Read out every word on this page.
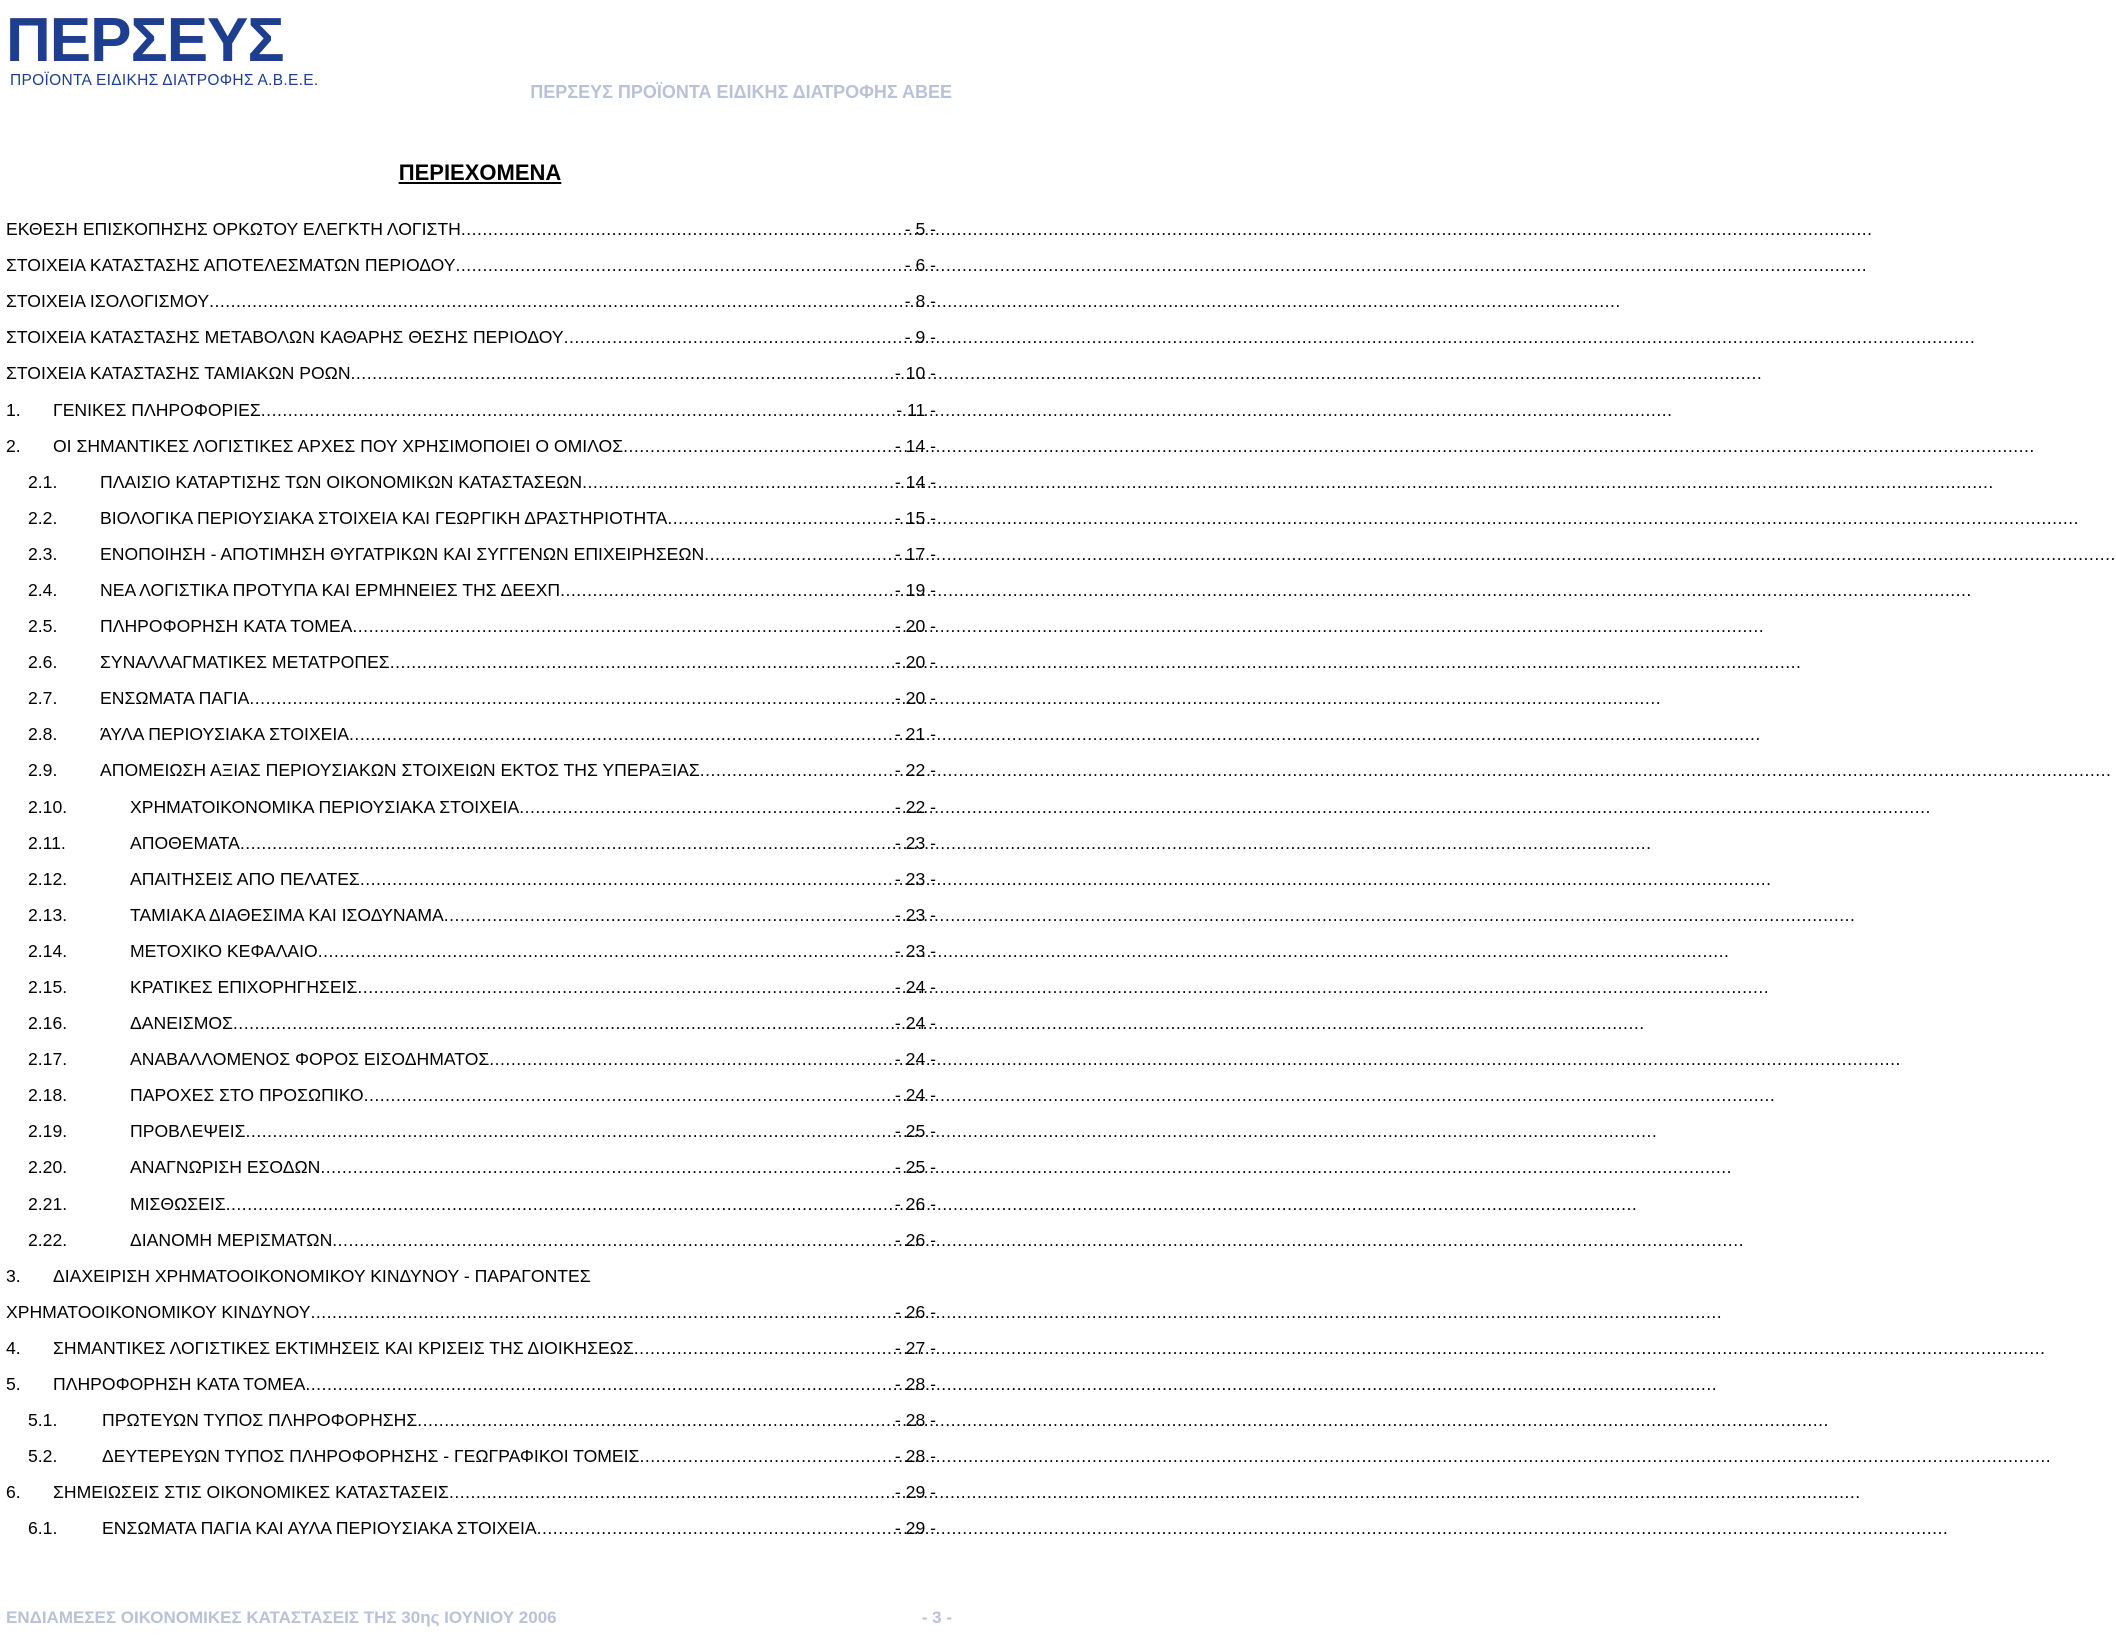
ΠΕΡΣΕΥΣ
ΠΡΟΪΟΝΤΑ ΕΙΔΙΚΗΣ ΔΙΑΤΡΟΦΗΣ Α.Β.Ε.Ε.
ΠΕΡΣΕΥΣ ΠΡΟΪΟΝΤΑ ΕΙΔΙΚΗΣ ΔΙΑΤΡΟΦΗΣ ΑΒΕΕ
ΠΕΡΙΕΧΟΜΕΝΑ
ΕΚΘΕΣΗ ΕΠΙΣΚΟΠΗΣΗΣ ΟΡΚΩΤΟΥ ΕΛΕΓΚΤΗ ΛΟΓΙΣΤΗ .....	- 5 -
ΣΤΟΙΧΕΙΑ ΚΑΤΑΣΤΑΣΗΣ ΑΠΟΤΕΛΕΣΜΑΤΩΝ ΠΕΡΙΟΔΟΥ .....	- 6 -
ΣΤΟΙΧΕΙΑ ΙΣΟΛΟΓΙΣΜΟΥ .....	- 8 -
ΣΤΟΙΧΕΙΑ ΚΑΤΑΣΤΑΣΗΣ ΜΕΤΑΒΟΛΩΝ ΚΑΘΑΡΗΣ ΘΕΣΗΣ ΠΕΡΙΟΔΟΥ .....	- 9 -
ΣΤΟΙΧΕΙΑ ΚΑΤΑΣΤΑΣΗΣ ΤΑΜΙΑΚΩΝ ΡΟΩΝ .....	- 10 -
1.	ΓΕΝΙΚΕΣ ΠΛΗΡΟΦΟΡΙΕΣ .....	- 11 -
2.	ΟΙ ΣΗΜΑΝΤΙΚΕΣ ΛΟΓΙΣΤΙΚΕΣ ΑΡΧΕΣ ΠΟΥ ΧΡΗΣΙΜΟΠΟΙΕΙ Ο ΟΜΙΛΟΣ .....	- 14 -
2.1.	ΠΛΑΙΣΙΟ ΚΑΤΑΡΤΙΣΗΣ ΤΩΝ ΟΙΚΟΝΟΜΙΚΩΝ ΚΑΤΑΣΤΑΣΕΩΝ .....	- 14 -
2.2.	ΒΙΟΛΟΓΙΚΑ ΠΕΡΙΟΥΣΙΑΚΑ ΣΤΟΙΧΕΙΑ ΚΑΙ ΓΕΩΡΓΙΚΗ ΔΡΑΣΤΗΡΙΟΤΗΤΑ .....	- 15 -
2.3.	ΕΝΟΠΟΙΗΣΗ - ΑΠΟΤΙΜΗΣΗ ΘΥΓΑΤΡΙΚΩΝ ΚΑΙ ΣΥΓΓΕΝΩΝ ΕΠΙΧΕΙΡΗΣΕΩΝ .....	- 17 -
2.4.	ΝΕΑ ΛΟΓΙΣΤΙΚΑ ΠΡΟΤΥΠΑ ΚΑΙ ΕΡΜΗΝΕΙΕΣ ΤΗΣ ΔΕΕΧΠ .....	- 19 -
2.5.	ΠΛΗΡΟΦΟΡΗΣΗ ΚΑΤΑ ΤΟΜΕΑ .....	- 20 -
2.6.	ΣΥΝΑΛΛΑΓΜΑΤΙΚΕΣ ΜΕΤΑΤΡΟΠΕΣ .....	- 20 -
2.7.	ΕΝΣΩΜΑΤΑ ΠΑΓΙΑ .....	- 20 -
2.8.	ΆΥΛΑ ΠΕΡΙΟΥΣΙΑΚΑ ΣΤΟΙΧΕΙΑ .....	- 21 -
2.9.	ΑΠΟΜΕΙΩΣΗ ΑΞΙΑΣ ΠΕΡΙΟΥΣΙΑΚΩΝ ΣΤΟΙΧΕΙΩΝ ΕΚΤΟΣ ΤΗΣ ΥΠΕΡΑΞΙΑΣ .....	- 22 -
2.10.	ΧΡΗΜΑΤΟΙΚΟΝΟΜΙΚΑ ΠΕΡΙΟΥΣΙΑΚΑ ΣΤΟΙΧΕΙΑ .....	- 22 -
2.11.	ΑΠΟΘΕΜΑΤΑ .....	- 23 -
2.12.	ΑΠΑΙΤΗΣΕΙΣ ΑΠΟ ΠΕΛΑΤΕΣ .....	- 23 -
2.13.	ΤΑΜΙΑΚΑ ΔΙΑΘΕΣΙΜΑ ΚΑΙ ΙΣΟΔΥΝΑΜΑ .....	- 23 -
2.14.	ΜΕΤΟΧΙΚΟ ΚΕΦΑΛΑΙΟ .....	- 23 -
2.15.	ΚΡΑΤΙΚΕΣ ΕΠΙΧΟΡΗΓΗΣΕΙΣ .....	- 24 -
2.16.	ΔΑΝΕΙΣΜΟΣ .....	- 24 -
2.17.	ΑΝΑΒΑΛΛΟΜΕΝΟΣ ΦΟΡΟΣ ΕΙΣΟΔΗΜΑΤΟΣ .....	- 24 -
2.18.	ΠΑΡΟΧΕΣ ΣΤΟ ΠΡΟΣΩΠΙΚΟ .....	- 24 -
2.19.	ΠΡΟΒΛΕΨΕΙΣ .....	- 25 -
2.20.	ΑΝΑΓΝΩΡΙΣΗ ΕΣΟΔΩΝ .....	- 25 -
2.21.	ΜΙΣΘΩΣΕΙΣ .....	- 26 -
2.22.	ΔΙΑΝΟΜΗ ΜΕΡΙΣΜΑΤΩΝ .....	- 26 -
3.	ΔΙΑΧΕΙΡΙΣΗ ΧΡΗΜΑΤΟΟΙΚΟΝΟΜΙΚΟΥ ΚΙΝΔΥΝΟΥ - ΠΑΡΑΓΟΝΤΕΣ
ΧΡΗΜΑΤΟΟΙΚΟΝΟΜΙΚΟΥ ΚΙΝΔΥΝΟΥ .....	- 26 -
4.	ΣΗΜΑΝΤΙΚΕΣ ΛΟΓΙΣΤΙΚΕΣ ΕΚΤΙΜΗΣΕΙΣ ΚΑΙ ΚΡΙΣΕΙΣ ΤΗΣ ΔΙΟΙΚΗΣΕΩΣ .....	- 27 -
5.	ΠΛΗΡΟΦΟΡΗΣΗ ΚΑΤΑ ΤΟΜΕΑ .....	- 28 -
5.1.	ΠΡΩΤΕΥΩΝ ΤΥΠΟΣ ΠΛΗΡΟΦΟΡΗΣΗΣ .....	- 28 -
5.2.	ΔΕΥΤΕΡΕΥΩΝ ΤΥΠΟΣ ΠΛΗΡΟΦΟΡΗΣΗΣ - ΓΕΩΓΡΑΦΙΚΟΙ ΤΟΜΕΙΣ .....	- 28 -
6.	ΣΗΜΕΙΩΣΕΙΣ ΣΤΙΣ ΟΙΚΟΝΟΜΙΚΕΣ ΚΑΤΑΣΤΑΣΕΙΣ .....	- 29 -
6.1.	ΕΝΣΩΜΑΤΑ ΠΑΓΙΑ ΚΑΙ ΑΥΛΑ ΠΕΡΙΟΥΣΙΑΚΑ ΣΤΟΙΧΕΙΑ .....	- 29 -
ΕΝΔΙΑΜΕΣΕΣ ΟΙΚΟΝΟΜΙΚΕΣ ΚΑΤΑΣΤΑΣΕΙΣ ΤΗΣ 30ης ΙΟΥΝΙΟΥ 2006	- 3 -
